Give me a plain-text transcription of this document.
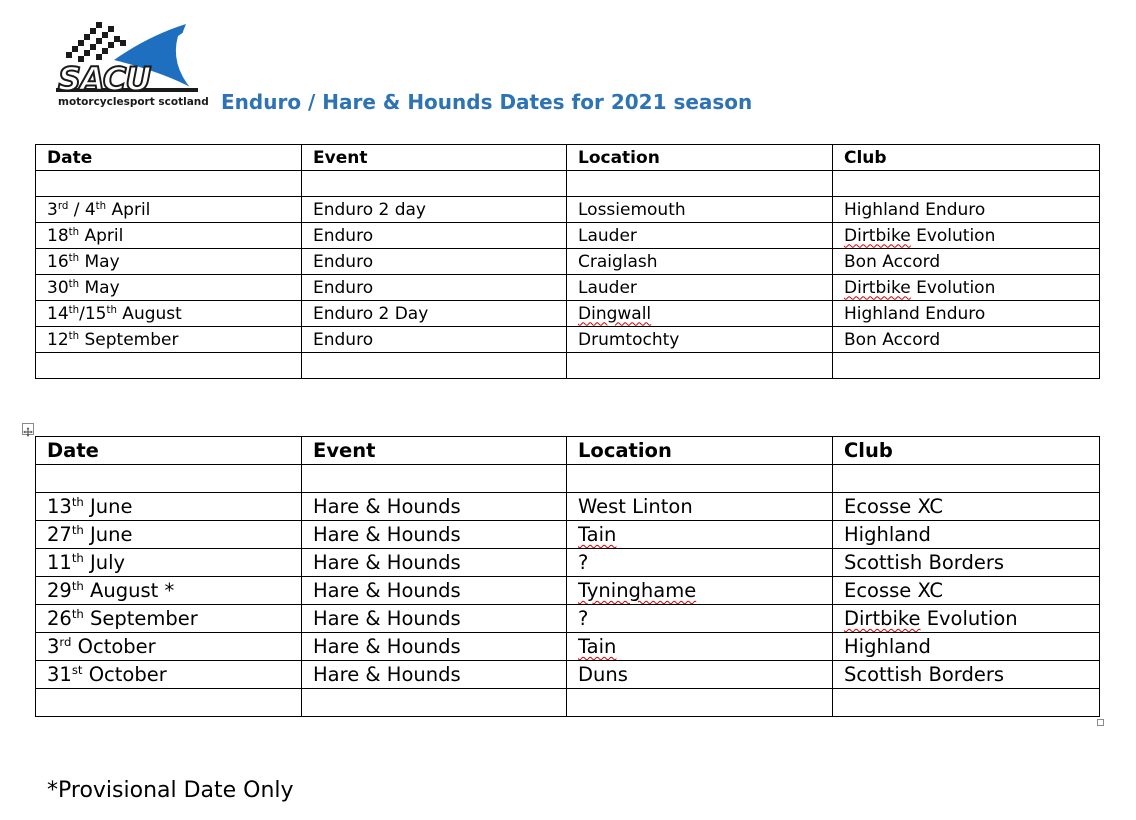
SACU
motorcyclesport scotland Enduro / Hare & Hounds Dates for 2021 season
Date	Event	Location	Club

3rd / 4th April	Enduro 2 day	Lossiemouth	Highland Enduro
18th April	Enduro	Lauder	Dirtbike Evolution
16th May	Enduro	Craiglash	Bon Accord
30th May	Enduro	Lauder	Dirtbike Evolution
14th/15th August	Enduro 2 Day	Dingwall	Highland Enduro
12th September	Enduro	Drumtochty	Bon Accord

Date	Event	Location	Club

13th June	Hare & Hounds	West Linton	Ecosse XC
27th June	Hare & Hounds	Tain	Highland
11th July	Hare & Hounds	?	Scottish Borders
29th August *	Hare & Hounds	Tyninghame	Ecosse XC
26th September	Hare & Hounds	?	Dirtbike Evolution
3rd October	Hare & Hounds	Tain	Highland
31st October	Hare & Hounds	Duns	Scottish Borders

*Provisional Date Only
